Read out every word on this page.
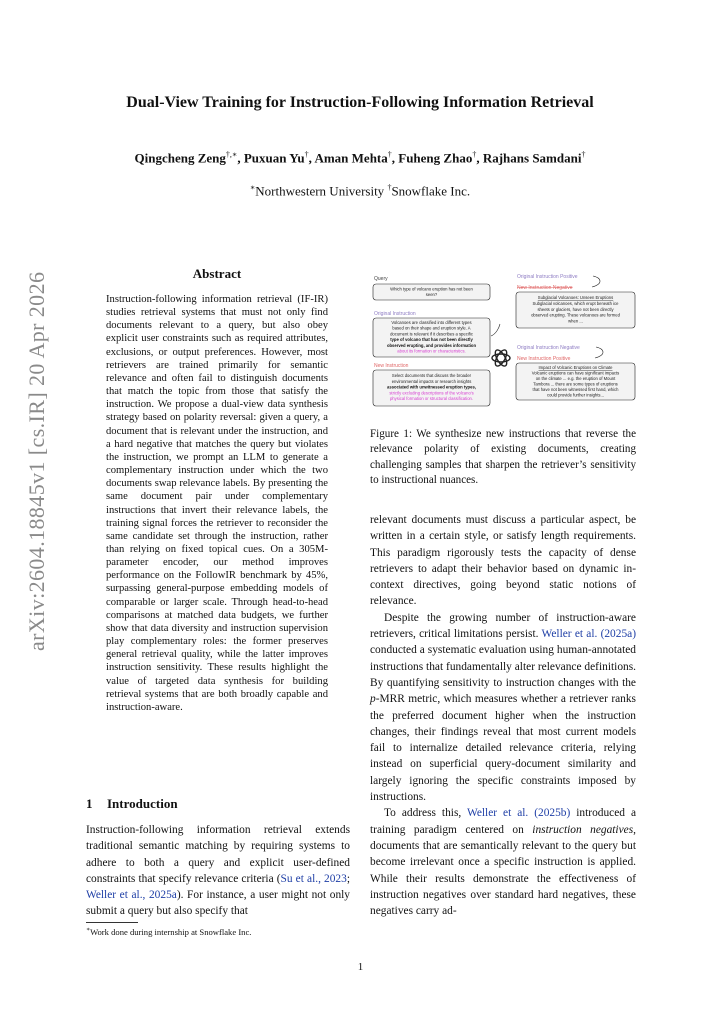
Dual-View Training for Instruction-Following Information Retrieval
Qingcheng Zeng†,∗, Puxuan Yu†, Aman Mehta†, Fuheng Zhao†, Rajhans Samdani†
∗Northwestern University †Snowflake Inc.
arXiv:2604.18845v1 [cs.IR] 20 Apr 2026	Abstract
Instruction-following information retrieval (IF-IR) studies retrieval systems that must not only find documents relevant to a query, but also obey explicit user constraints such as required attributes, exclusions, or output preferences. However, most retrievers are trained primarily for semantic relevance and often fail to distinguish documents that match the topic from those that satisfy the instruction. We propose a dual-view data synthesis strategy based on polarity reversal: given a query, a document that is relevant under the instruction, and a hard negative that matches the query but violates the instruction, we prompt an LLM to generate a complementary instruction under which the two documents swap relevance labels. By presenting the same document pair under complementary instructions that invert their relevance labels, the training signal forces the retriever to reconsider the same candidate set through the instruction, rather than relying on fixed topical cues. On a 305M-parameter encoder, our method improves performance on the FollowIR benchmark by 45%, surpassing general-purpose embedding models of comparable or larger scale. Through head-to-head comparisons at matched data budgets, we further show that data diversity and instruction supervision play complementary roles: the former preserves general retrieval quality, while the latter improves instruction sensitivity. These results highlight the value of targeted data synthesis for building retrieval systems that are both broadly capable and instruction-aware.
1 Introduction
Instruction-following information retrieval extends traditional semantic matching by requiring systems to adhere to both a query and explicit user-defined constraints that specify relevance criteria (Su et al., 2023; Weller et al., 2025a). For instance, a user might not only submit a query but also specify that
∗Work done during internship at Snowflake Inc.
Query
Which type of volcano eruption has not been
seen?
Original Instruction
Volcanoes are classified into different types
based on their shape and eruption style. A
document is relevant if it describes a specific
type of volcano that has not been directly
observed erupting, and provides information
about its formation or characteristics.
New Instruction
Select documents that discuss the broader
environmental impacts or research insights
associated with unwitnessed eruption types,
strictly excluding descriptions of the volcano's
physical formation or structural classification.
Original Instruction Positive
New Instruction Negative
Subglacial Volcanoes: Unseen Eruptions
Subglacial volcanoes, which erupt beneath ice
sheets or glaciers, have not been directly
observed erupting. These volcanoes are formed
when ...
Original Instruction Negative
New Instruction Positive
Impact of Volcanic Eruptions on Climate
Volcanic eruptions can have significant impacts
on the climate ... e.g. the eruption of Mount
Tambora ... there are some types of eruptions
that have not been witnessed first hand, which
could provide further insights...
Figure 1: We synthesize new instructions that reverse the relevance polarity of existing documents, creating challenging samples that sharpen the retriever’s sensitivity to instructional nuances.

relevant documents must discuss a particular aspect, be written in a certain style, or satisfy length requirements. This paradigm rigorously tests the capacity of dense retrievers to adapt their behavior based on dynamic in-context directives, going beyond static notions of relevance.

Despite the growing number of instruction-aware retrievers, critical limitations persist. Weller et al. (2025a) conducted a systematic evaluation using human-annotated instructions that fundamentally alter relevance definitions. By quantifying sensitivity to instruction changes with the p-MRR metric, which measures whether a retriever ranks the preferred document higher when the instruction changes, their findings reveal that most current models fail to internalize detailed relevance criteria, relying instead on superficial query-document similarity and largely ignoring the specific constraints imposed by instructions.

To address this, Weller et al. (2025b) introduced a training paradigm centered on instruction negatives, documents that are semantically relevant to the query but become irrelevant once a specific instruction is applied. While their results demonstrate the effectiveness of instruction negatives over standard hard negatives, these negatives carry ad-

1
